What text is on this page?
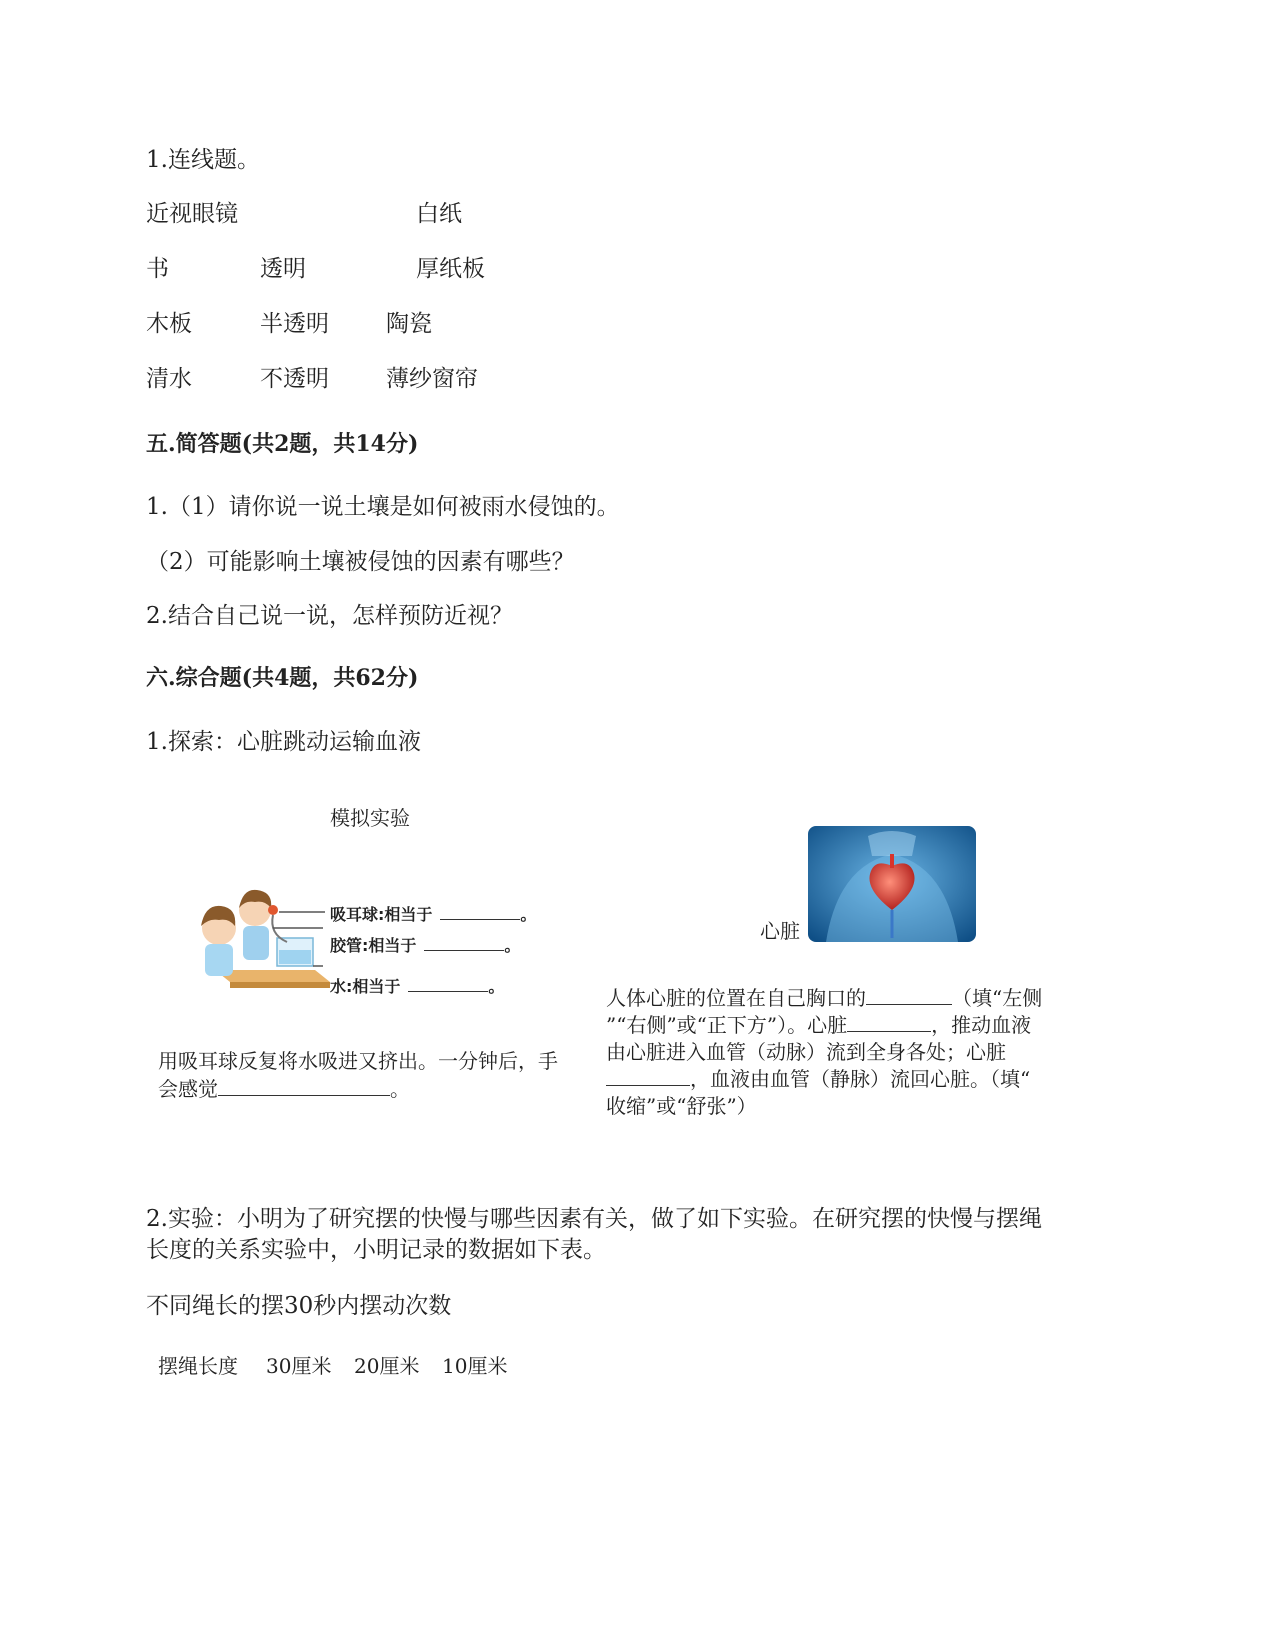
1.连线题。
近视眼镜	白纸
书	透明	厚纸板
木板	半透明 陶瓷
清水	不透明 薄纱窗帘
五.简答题(共2题，共14分)
1.（1）请你说一说土壤是如何被雨水侵蚀的。
（2）可能影响土壤被侵蚀的因素有哪些？
2.结合自己说一说，怎样预防近视？
六.综合题(共4题，共62分)
1.探索：心脏跳动运输血液
模拟实验
吸耳球:相当于	。
胶管:相当于	。
水:相当于	。
用吸耳球反复将水吸进又挤出。一分钟后，手
会感觉	。
心脏
人体心脏的位置在自己胸口的	（填“左侧
”“右侧”或“正下方”）。心脏	，推动血液
由心脏进入血管（动脉）流到全身各处；心脏
，血液由血管（静脉）流回心脏。（填“
收缩”或“舒张”）
2.实验：小明为了研究摆的快慢与哪些因素有关，做了如下实验。在研究摆的快慢与摆绳
长度的关系实验中，小明记录的数据如下表。
不同绳长的摆30秒内摆动次数
摆绳长度 30厘米 20厘米 10厘米
